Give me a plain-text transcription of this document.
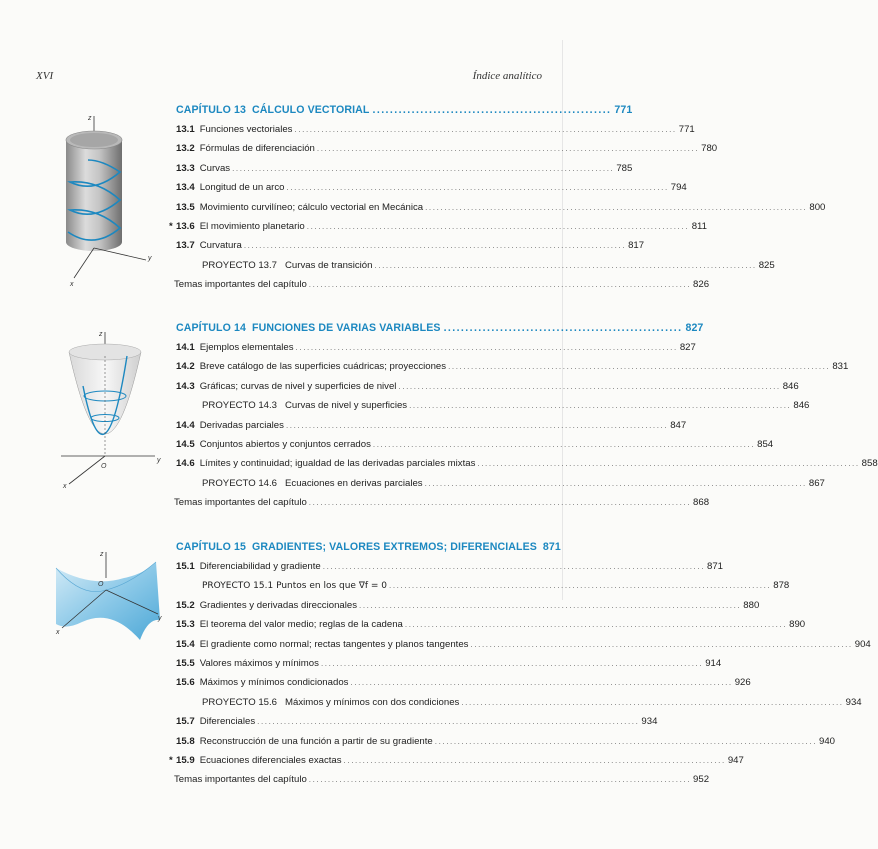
XVI	Índice analítico
z
y
x
z
y
x
O
z
y
x
O
CAPÍTULO 13  CÁLCULO VECTORIAL ....................................................... 771
13.1 Funciones vectoriales .................................................................................................... 771
13.2 Fórmulas de diferenciación .................................................................................................... 780
13.3 Curvas .................................................................................................... 785
13.4 Longitud de un arco .................................................................................................... 794
13.5 Movimiento curvilíneo; cálculo vectorial en Mecánica .................................................................................................... 800
* 13.6 El movimiento planetario .................................................................................................... 811
13.7 Curvatura .................................................................................................... 817
PROYECTO 13.7   Curvas de transición .................................................................................................... 825
Temas importantes del capítulo .................................................................................................... 826
CAPÍTULO 14  FUNCIONES DE VARIAS VARIABLES ....................................................... 827
14.1 Ejemplos elementales .................................................................................................... 827
14.2 Breve catálogo de las superficies cuádricas; proyecciones .................................................................................................... 831
14.3 Gráficas; curvas de nivel y superficies de nivel .................................................................................................... 846
PROYECTO 14.3   Curvas de nivel y superficies .................................................................................................... 846
14.4 Derivadas parciales .................................................................................................... 847
14.5 Conjuntos abiertos y conjuntos cerrados .................................................................................................... 854
14.6 Límites y continuidad; igualdad de las derivadas parciales mixtas .................................................................................................... 858
PROYECTO 14.6   Ecuaciones en derivas parciales .................................................................................................... 867
Temas importantes del capítulo .................................................................................................... 868
CAPÍTULO 15  GRADIENTES; VALORES EXTREMOS; DIFERENCIALES 871
15.1 Diferenciabilidad y gradiente .................................................................................................... 871
PROYECTO 15.1 Puntos en los que ∇f = 0 .................................................................................................... 878
15.2 Gradientes y derivadas direccionales .................................................................................................... 880
15.3 El teorema del valor medio; reglas de la cadena .................................................................................................... 890
15.4 El gradiente como normal; rectas tangentes y planos tangentes .................................................................................................... 904
15.5 Valores máximos y mínimos .................................................................................................... 914
15.6 Máximos y mínimos condicionados .................................................................................................... 926
PROYECTO 15.6   Máximos y mínimos con dos condiciones .................................................................................................... 934
15.7 Diferenciales .................................................................................................... 934
15.8 Reconstrucción de una función a partir de su gradiente .................................................................................................... 940
* 15.9 Ecuaciones diferenciales exactas .................................................................................................... 947
Temas importantes del capítulo .................................................................................................... 952
